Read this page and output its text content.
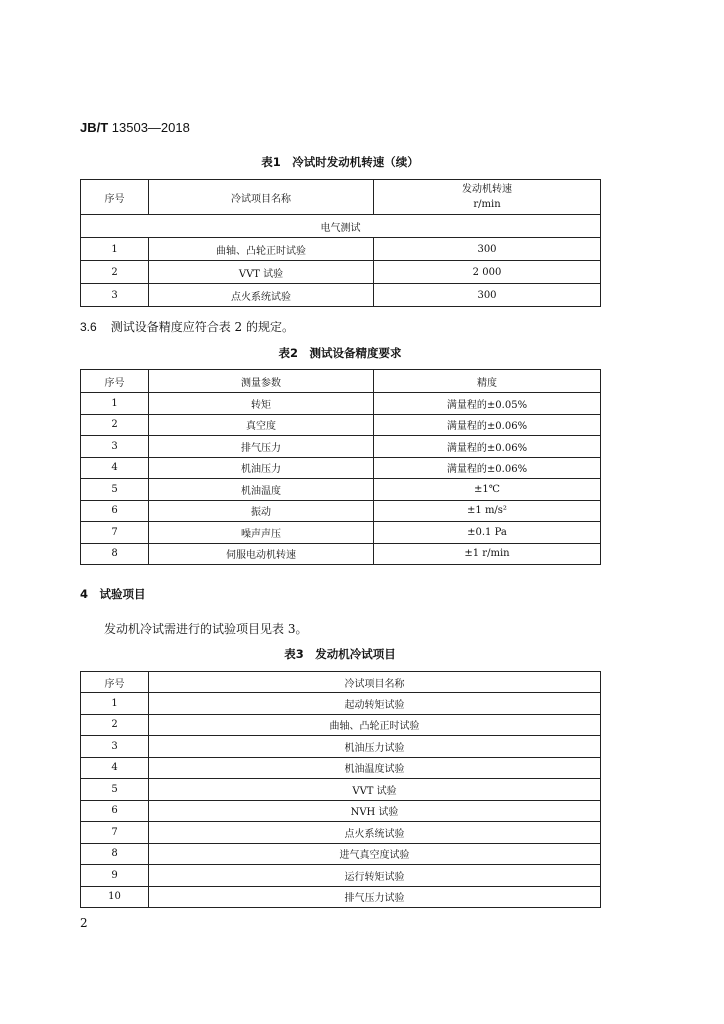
JB/T 13503—2018
表1　冷试时发动机转速（续）
序号	冷试项目名称	发动机转速
r/min

电气测试		
1	曲轴、凸轮正时试验	300
2	VVT 试验	2 000
3	点火系统试验	300
3.6 测试设备精度应符合表 2 的规定。
表2　测试设备精度要求
序号	测量参数	精度
1	转矩	满量程的±0.05%
2	真空度	满量程的±0.06%
3	排气压力	满量程的±0.06%
4	机油压力	满量程的±0.06%
5	机油温度	±1℃
6	振动	±1 m/s²
7	噪声声压	±0.1 Pa
8	伺服电动机转速	±1 r/min
4　试验项目
发动机冷试需进行的试验项目见表 3。
表3　发动机冷试项目
序号	冷试项目名称
1	起动转矩试验
2	曲轴、凸轮正时试验
3	机油压力试验
4	机油温度试验
5	VVT 试验
6	NVH 试验
7	点火系统试验
8	进气真空度试验
9	运行转矩试验
10	排气压力试验
2
